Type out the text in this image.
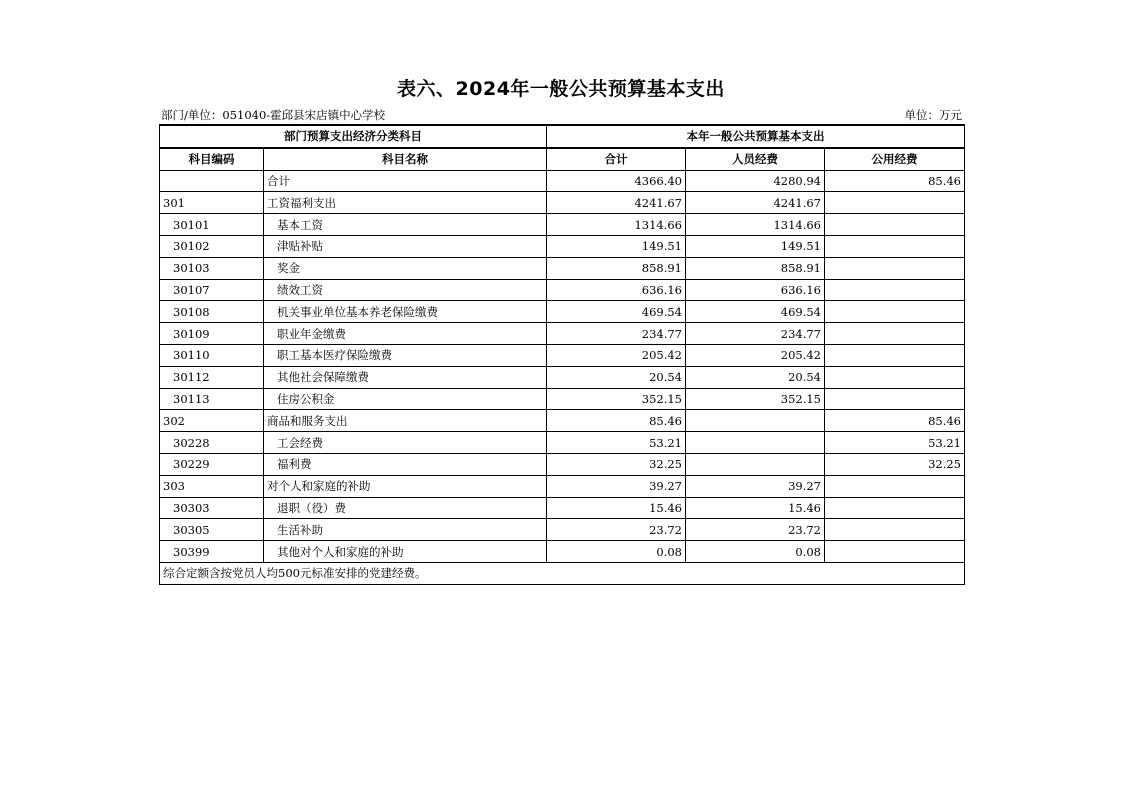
表六、2024年一般公共预算基本支出
部门/单位：051040-霍邱县宋店镇中心学校	单位：万元
部门预算支出经济分类科目		本年一般公共预算基本支出		
科目编码	科目名称	合计	人员经费	公用经费
	合计	4366.40	4280.94	85.46
301	工资福利支出	4241.67	4241.67	
30101	基本工资	1314.66	1314.66	
30102	津贴补贴	149.51	149.51	
30103	奖金	858.91	858.91	
30107	绩效工资	636.16	636.16	
30108	机关事业单位基本养老保险缴费	469.54	469.54	
30109	职业年金缴费	234.77	234.77	
30110	职工基本医疗保险缴费	205.42	205.42	
30112	其他社会保障缴费	20.54	20.54	
30113	住房公积金	352.15	352.15	
302	商品和服务支出	85.46		85.46
30228	工会经费	53.21		53.21
30229	福利费	32.25		32.25
303	对个人和家庭的补助	39.27	39.27	
30303	退职（役）费	15.46	15.46	
30305	生活补助	23.72	23.72	
30399	其他对个人和家庭的补助	0.08	0.08	
综合定额含按党员人均500元标准安排的党建经费。				
